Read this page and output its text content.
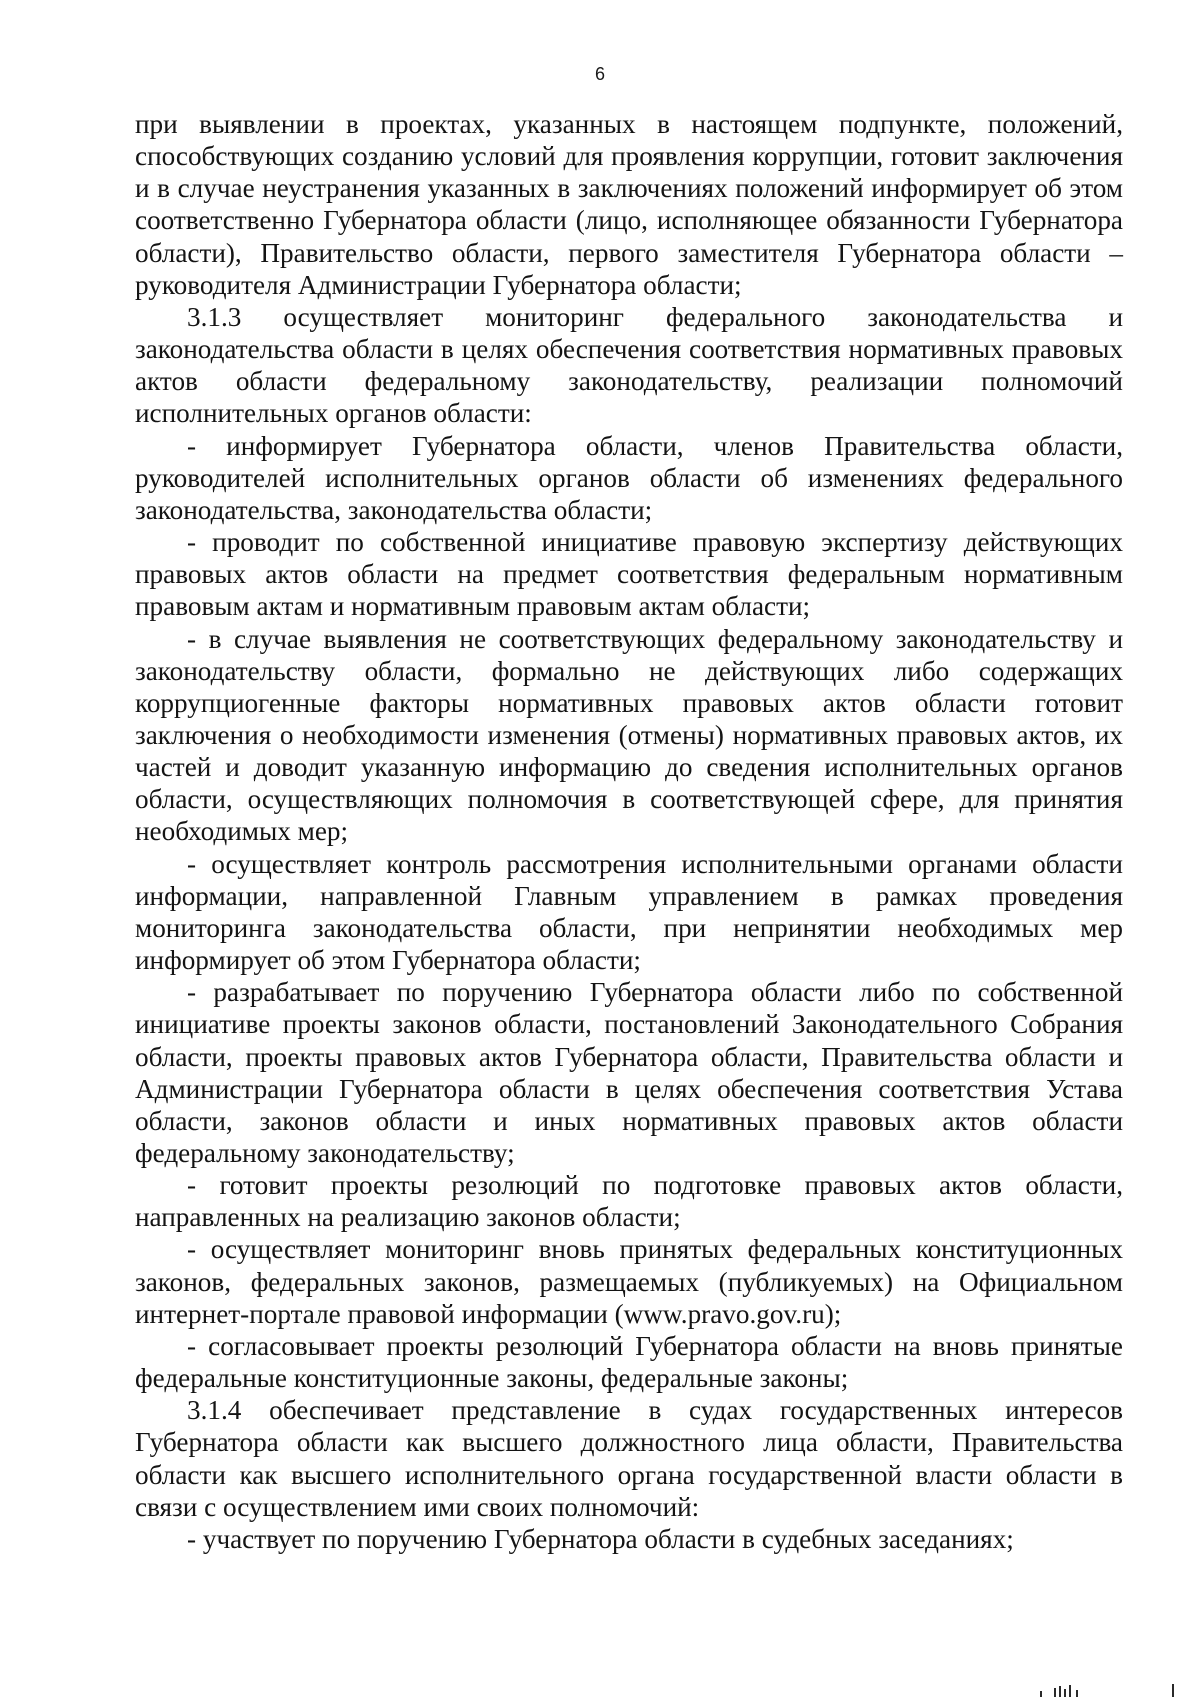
6

при выявлении в проектах, указанных в настоящем подпункте, положений, способствующих созданию условий для проявления коррупции, готовит заключения и в случае неустранения указанных в заключениях положений информирует об этом соответственно Губернатора области (лицо, исполняющее обязанности Губернатора области), Правительство области, первого заместителя Губернатора области – руководителя Администрации Губернатора области;

3.1.3 осуществляет мониторинг федерального законодательства и законодательства области в целях обеспечения соответствия нормативных правовых актов области федеральному законодательству, реализации полномочий исполнительных органов области:

- информирует Губернатора области, членов Правительства области, руководителей исполнительных органов области об изменениях федерального законодательства, законодательства области;

- проводит по собственной инициативе правовую экспертизу действующих правовых актов области на предмет соответствия федеральным нормативным правовым актам и нормативным правовым актам области;

- в случае выявления не соответствующих федеральному законодательству и законодательству области, формально не действующих либо содержащих коррупциогенные факторы нормативных правовых актов области готовит заключения о необходимости изменения (отмены) нормативных правовых актов, их частей и доводит указанную информацию до сведения исполнительных органов области, осуществляющих полномочия в соответствующей сфере, для принятия необходимых мер;

- осуществляет контроль рассмотрения исполнительными органами области информации, направленной Главным управлением в рамках проведения мониторинга законодательства области, при непринятии необходимых мер информирует об этом Губернатора области;

- разрабатывает по поручению Губернатора области либо по собственной инициативе проекты законов области, постановлений Законодательного Собрания области, проекты правовых актов Губернатора области, Правительства области и Администрации Губернатора области в целях обеспечения соответствия Устава области, законов области и иных нормативных правовых актов области федеральному законодательству;

- готовит проекты резолюций по подготовке правовых актов области, направленных на реализацию законов области;

- осуществляет мониторинг вновь принятых федеральных конституционных законов, федеральных законов, размещаемых (публикуемых) на Официальном интернет-портале правовой информации (www.pravo.gov.ru);

- согласовывает проекты резолюций Губернатора области на вновь принятые федеральные конституционные законы, федеральные законы;

3.1.4 обеспечивает представление в судах государственных интересов Губернатора области как высшего должностного лица области, Правительства области как высшего исполнительного органа государственной власти области в связи с осуществлением ими своих полномочий:

- участвует по поручению Губернатора области в судебных заседаниях;
